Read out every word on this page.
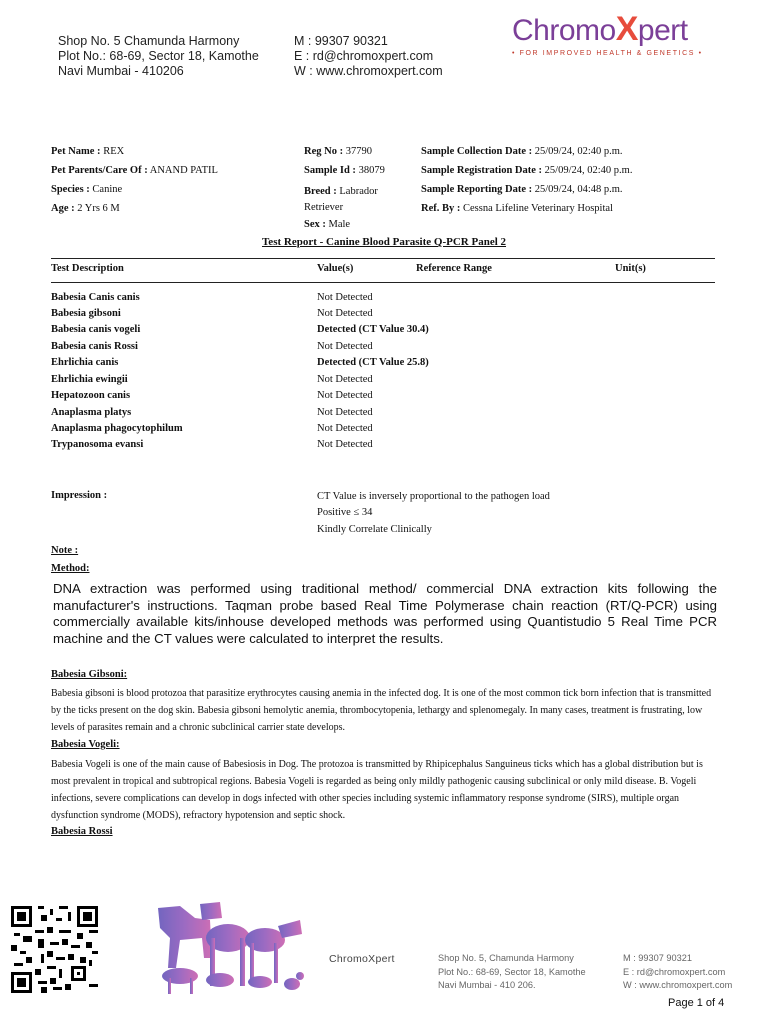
Shop No. 5 Chamunda Harmony
Plot No.: 68-69, Sector 18, Kamothe
Navi Mumbai - 410206
M : 99307 90321
E : rd@chromoxpert.com
W : www.chromoxpert.com
ChromoXpert
• FOR IMPROVED HEALTH & GENETICS •
Pet Name : REX
Pet Parents/Care Of : ANAND PATIL
Species : Canine
Age : 2 Yrs 6 M
Reg No : 37790
Sample Id : 38079
Breed : Labrador
Retriever
Sex : Male
Sample Collection Date : 25/09/24, 02:40 p.m.
Sample Registration Date : 25/09/24, 02:40 p.m.
Sample Reporting Date : 25/09/24, 04:48 p.m.
Ref. By : Cessna Lifeline Veterinary Hospital
Test Report - Canine Blood Parasite Q-PCR Panel 2
Test Description	Value(s)	Reference Range	Unit(s)
Babesia Canis canis	Not Detected
Babesia gibsoni	Not Detected
Babesia canis vogeli	Detected (CT Value 30.4)
Babesia canis Rossi	Not Detected
Ehrlichia canis	Detected (CT Value 25.8)
Ehrlichia ewingii	Not Detected
Hepatozoon canis	Not Detected
Anaplasma platys	Not Detected
Anaplasma phagocytophilum	Not Detected
Trypanosoma evansi	Not Detected
Impression :	CT Value is inversely proportional to the pathogen load
Positive ≤ 34
Kindly Correlate Clinically
Note :
Method:
DNA extraction was performed using traditional method/ commercial DNA extraction kits following the manufacturer's instructions. Taqman probe based Real Time Polymerase chain reaction (RT/Q-PCR) using commercially available kits/inhouse developed methods was performed using Quantistudio 5 Real Time PCR machine and the CT values were calculated to interpret the results.
Babesia Gibsoni:
Babesia gibsoni is blood protozoa that parasitize erythrocytes causing anemia in the infected dog. It is one of the most common tick born infection that is transmitted by the ticks present on the dog skin. Babesia gibsoni hemolytic anemia, thrombocytopenia, lethargy and splenomegaly. In many cases, treatment is frustrating, low levels of parasites remain and a chronic subclinical carrier state develops.
Babesia Vogeli:
Babesia Vogeli is one of the main cause of Babesiosis in Dog. The protozoa is transmitted by Rhipicephalus Sanguineus ticks which has a global distribution but is most prevalent in tropical and subtropical regions. Babesia Vogeli is regarded as being only mildly pathogenic causing subclinical or only mild disease. B. Vogeli infections, severe complications can develop in dogs infected with other species including systemic inflammatory response syndrome (SIRS), multiple organ dysfunction syndrome (MODS), refractory hypotension and septic shock.
Babesia Rossi
ChromoXpert	Shop No. 5, Chamunda Harmony
Plot No.: 68-69, Sector 18, Kamothe
Navi Mumbai - 410 206.
M : 99307 90321
E : rd@chromoxpert.com
W : www.chromoxpert.com
Page 1 of 4
